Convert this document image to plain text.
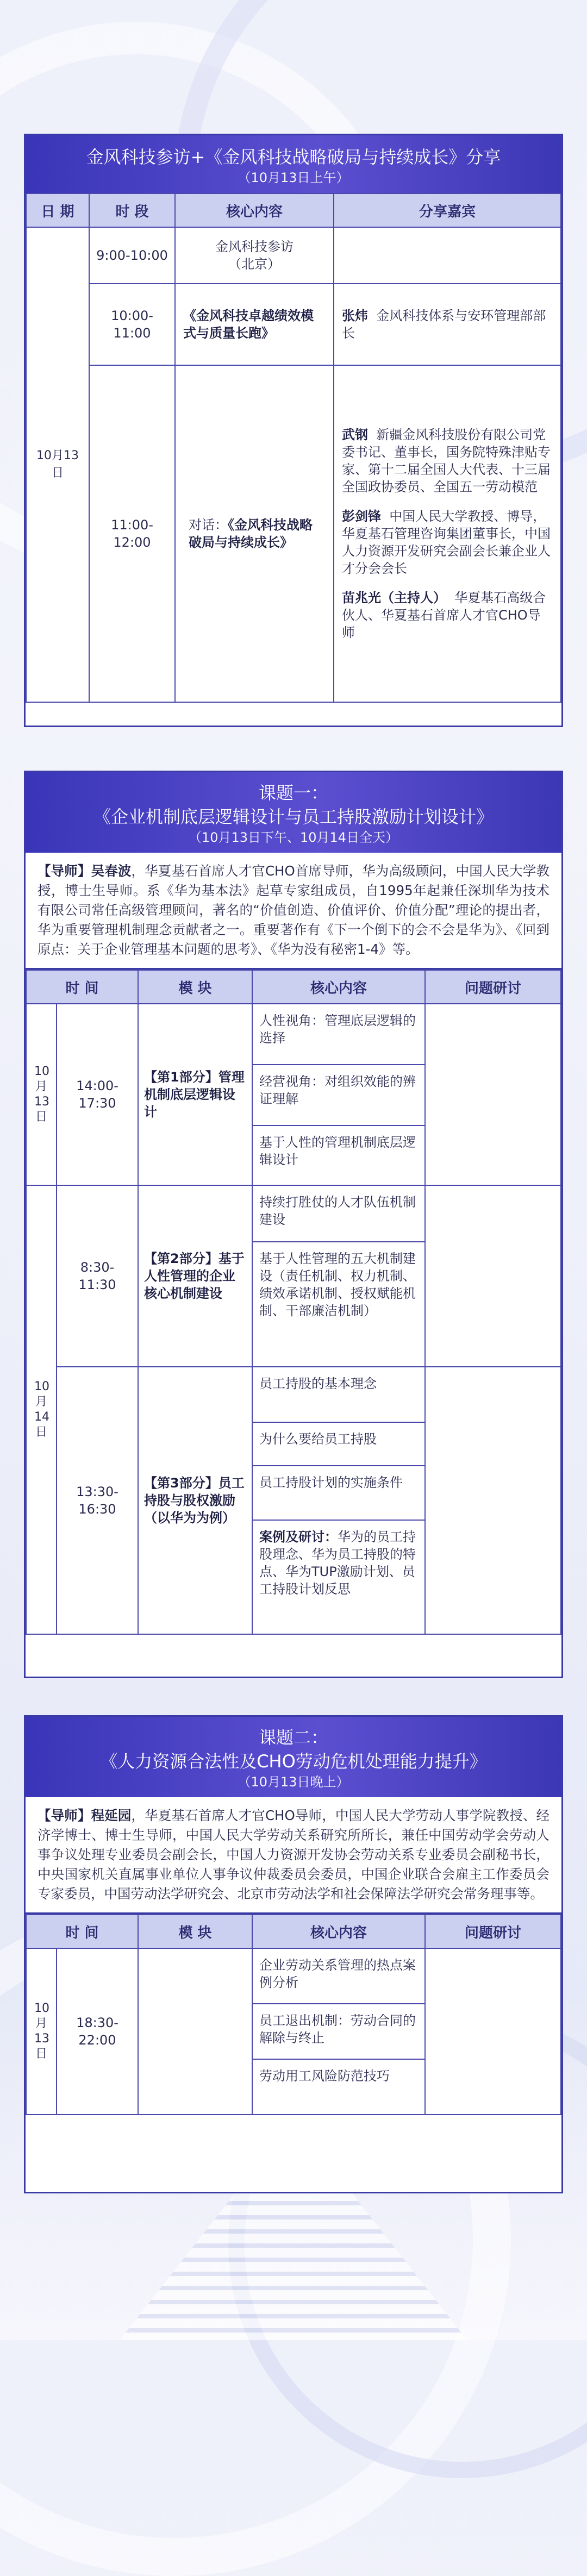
金风科技参访+《金风科技战略破局与持续成长》分享
（10月13日上午）
日 期	时 段	核心内容	分享嘉宾
10月13日	9:00-10:00	金风科技参访
（北京）	
	10:00-11:00	《金风科技卓越绩效模式与质量长跑》	张炜 金风科技体系与安环管理部部长
	11:00-12:00	对话：《金风科技战略破局与持续成长》	武钢 新疆金风科技股份有限公司党委书记、董事长，国务院特殊津贴专家、第十二届全国人大代表、十三届全国政协委员、全国五一劳动模范

彭剑锋 中国人民大学教授、博导，华夏基石管理咨询集团董事长，中国人力资源开发研究会副会长兼企业人才分会会长

苗兆光（主持人） 华夏基石高级合伙人、华夏基石首席人才官CHO导师

课题一：
《企业机制底层逻辑设计与员工持股激励计划设计》
（10月13日下午、10月14日全天）
【导师】吴春波，华夏基石首席人才官CHO首席导师，华为高级顾问，中国人民大学教授，博士生导师。系《华为基本法》起草专家组成员，自1995年起兼任深圳华为技术有限公司常任高级管理顾问，著名的“价值创造、价值评价、价值分配”理论的提出者，华为重要管理机制理念贡献者之一。重要著作有《下一个倒下的会不会是华为》、《回到原点：关于企业管理基本问题的思考》、《华为没有秘密1-4》等。
时 间		模 块	核心内容	问题研讨
10月13日	14:00-17:30	【第1部分】管理机制底层逻辑设计	人性视角：管理底层逻辑的选择
经营视角：对组织效能的辨证理解
基于人性的管理机制底层逻辑设计	

10月14日	8:30-11:30	【第2部分】基于人性管理的企业核心机制建设	持续打胜仗的人才队伍机制建设
基于人性管理的五大机制建设（责任机制、权力机制、绩效承诺机制、授权赋能机制、干部廉洁机制）	

	13:30-16:30	【第3部分】员工持股与股权激励（以华为为例）	员工持股的基本理念
为什么要给员工持股
员工持股计划的实施条件
案例及研讨：华为的员工持股理念、华为员工持股的特点、华为TUP激励计划、员工持股计划反思	

课题二：
《人力资源合法性及CHO劳动危机处理能力提升》
（10月13日晚上）
【导师】程延园，华夏基石首席人才官CHO导师，中国人民大学劳动人事学院教授、经济学博士、博士生导师，中国人民大学劳动关系研究所所长，兼任中国劳动学会劳动人事争议处理专业委员会副会长，中国人力资源开发协会劳动关系专业委员会副秘书长，中央国家机关直属事业单位人事争议仲裁委员会委员，中国企业联合会雇主工作委员会专家委员，中国劳动法学研究会、北京市劳动法学和社会保障法学研究会常务理事等。
时 间		模 块	核心内容	问题研讨
10月13日	18:30-22:00		企业劳动关系管理的热点案例分析
员工退出机制：劳动合同的解除与终止
劳动用工风险防范技巧	
